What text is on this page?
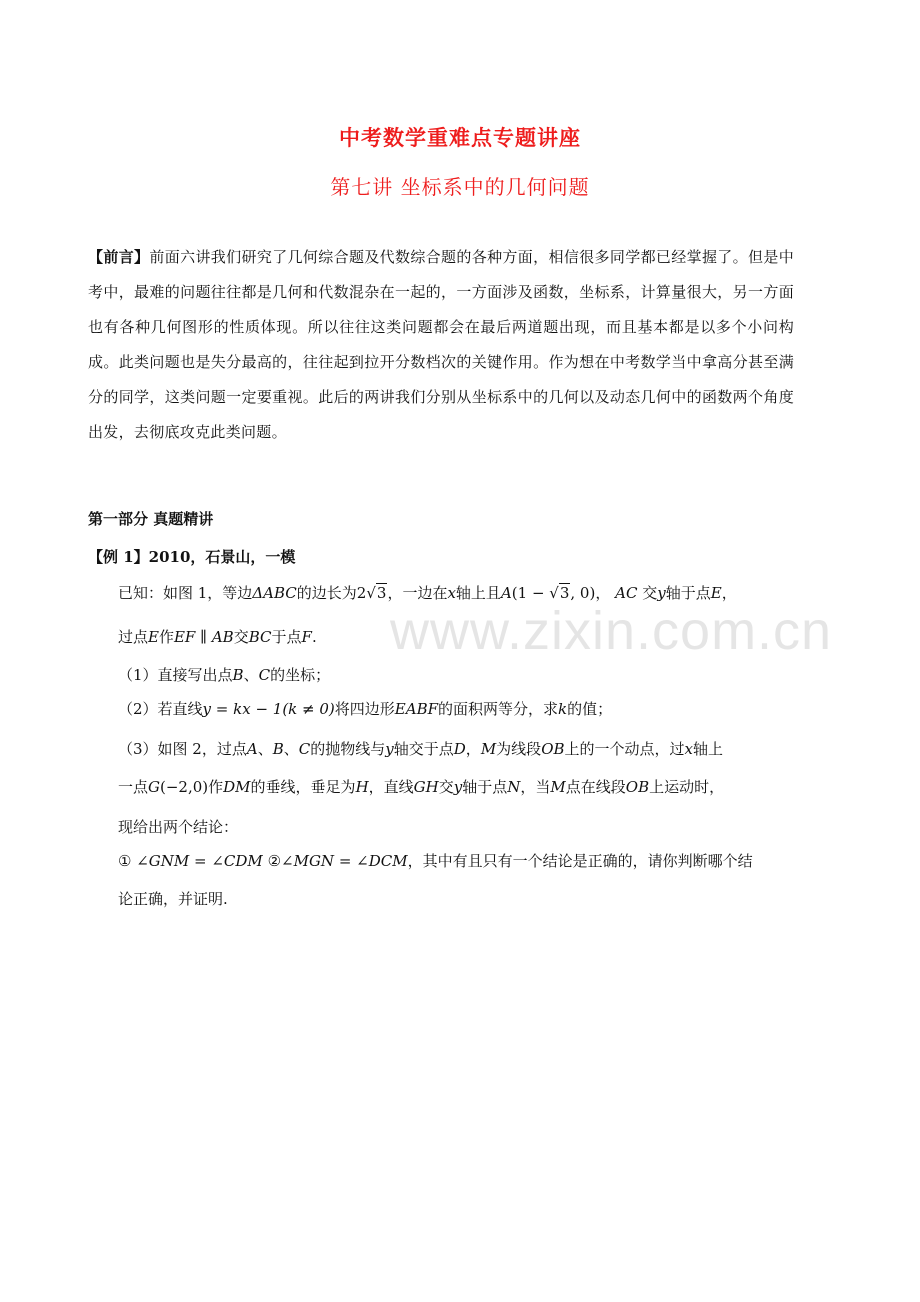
中考数学重难点专题讲座
第七讲 坐标系中的几何问题
【前言】前面六讲我们研究了几何综合题及代数综合题的各种方面，相信很多同学都已经掌握了。但是中考中，最难的问题往往都是几何和代数混杂在一起的，一方面涉及函数，坐标系，计算量很大，另一方面也有各种几何图形的性质体现。所以往往这类问题都会在最后两道题出现，而且基本都是以多个小问构成。此类问题也是失分最高的，往往起到拉开分数档次的关键作用。作为想在中考数学当中拿高分甚至满分的同学，这类问题一定要重视。此后的两讲我们分别从坐标系中的几何以及动态几何中的函数两个角度出发，去彻底攻克此类问题。
第一部分 真题精讲
【例 1】2010，石景山，一模
www.zixin.com.cn
已知：如图 1，等边ΔABC的边长为2√3，一边在x轴上且A(1 − √3, 0)， AC 交y轴于点E，
过点E作EF ∥ AB交BC于点F.
（1）直接写出点B、C的坐标；
（2）若直线y = kx − 1(k ≠ 0)将四边形EABF的面积两等分，求k的值；
（3）如图 2，过点A、B、C的抛物线与y轴交于点D，M为线段OB上的一个动点，过x轴上
一点G(−2,0)作DM的垂线，垂足为H，直线GH交y轴于点N，当M点在线段OB上运动时，
现给出两个结论：
① ∠GNM = ∠CDM ②∠MGN = ∠DCM，其中有且只有一个结论是正确的，请你判断哪个结
论正确，并证明.
